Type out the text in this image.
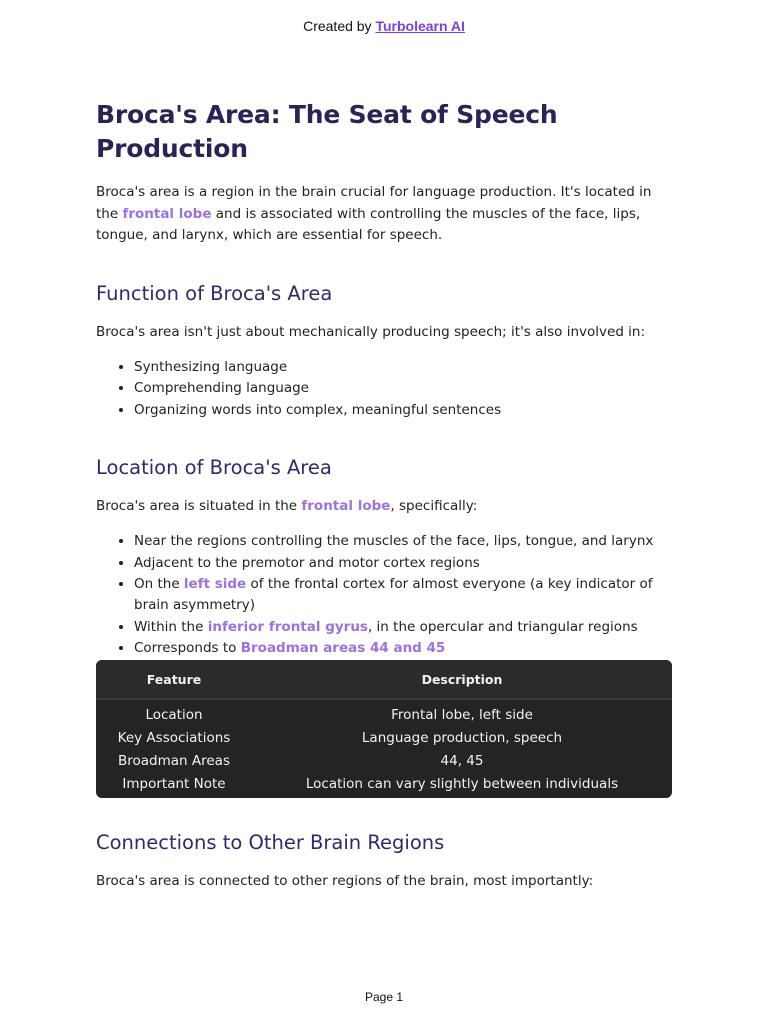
Created by Turbolearn AI
Broca's Area: The Seat of Speech Production

Broca's area is a region in the brain crucial for language production. It's located in the frontal lobe and is associated with controlling the muscles of the face, lips, tongue, and larynx, which are essential for speech.

Function of Broca's Area

Broca's area isn't just about mechanically producing speech; it's also involved in:

• Synthesizing language
• Comprehending language
• Organizing words into complex, meaningful sentences
Location of Broca's Area

Broca's area is situated in the frontal lobe, specifically:

• Near the regions controlling the muscles of the face, lips, tongue, and larynx
• Adjacent to the premotor and motor cortex regions
• On the left side of the frontal cortex for almost everyone (a key indicator of brain asymmetry)
• Within the inferior frontal gyrus, in the opercular and triangular regions
• Corresponds to Broadman areas 44 and 45
Feature	Description
Location	Frontal lobe, left side
Key Associations	Language production, speech
Broadman Areas	44, 45
Important Note	Location can vary slightly between individuals
Connections to Other Brain Regions

Broca's area is connected to other regions of the brain, most importantly:

Page 1
